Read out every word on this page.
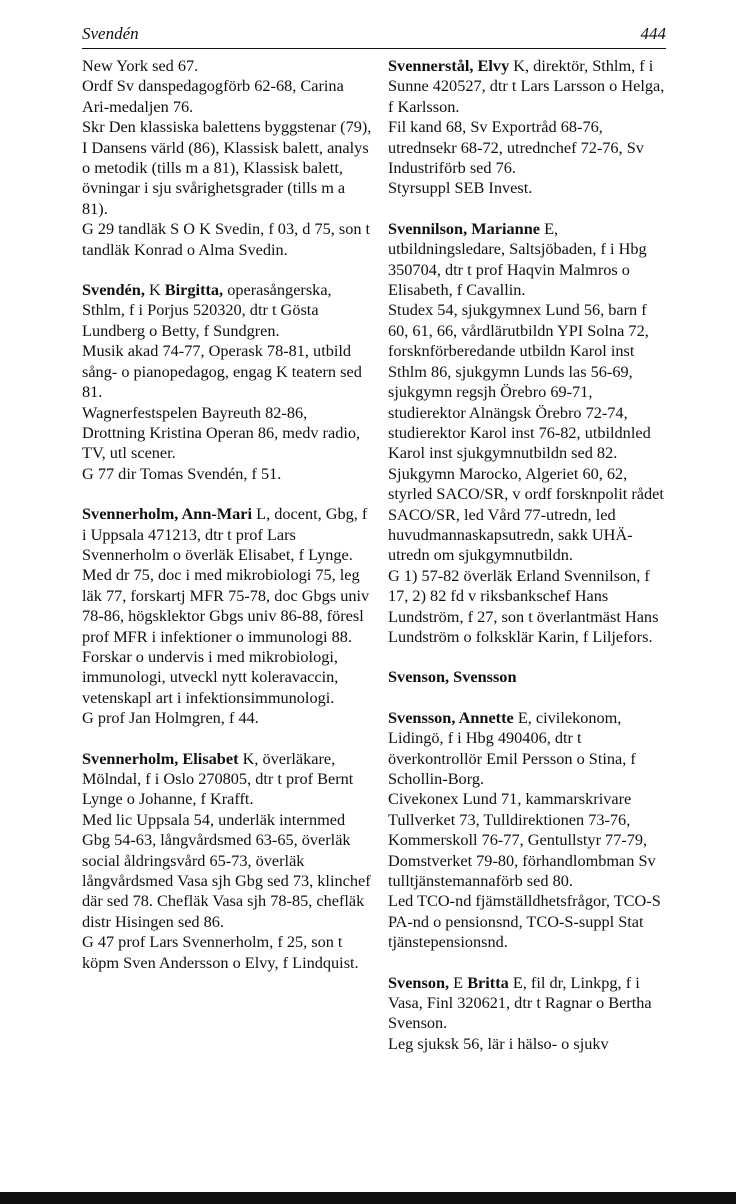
Svendén	444

New York sed 67.

Ordf Sv danspedagogförb 62-68, Carina Ari-medaljen 76.

Skr Den klassiska balettens byggstenar (79), I Dansens värld (86), Klassisk balett, analys o metodik (tills m a 81), Klassisk balett, övningar i sju svårighetsgrader (tills m a 81).

G 29 tandläk S O K Svedin, f 03, d 75, son t tandläk Konrad o Alma Svedin.

Svendén, K Birgitta, operasångerska, Sthlm, f i Porjus 520320, dtr t Gösta Lundberg o Betty, f Sundgren.

Musik akad 74-77, Operask 78-81, utbild sång- o pianopedagog, engag K teatern sed 81.

Wagnerfestspelen Bayreuth 82-86, Drottning Kristina Operan 86, medv radio, TV, utl scener.

G 77 dir Tomas Svendén, f 51.

Svennerholm, Ann-Mari L, docent, Gbg, f i Uppsala 471213, dtr t prof Lars Svennerholm o överläk Elisabet, f Lynge.

Med dr 75, doc i med mikrobiologi 75, leg läk 77, forskartj MFR 75-78, doc Gbgs univ 78-86, högsklektor Gbgs univ 86-88, föresl prof MFR i infektioner o immunologi 88.

Forskar o undervis i med mikrobiologi, immunologi, utveckl nytt koleravaccin, vetenskapl art i infektionsimmunologi.

G prof Jan Holmgren, f 44.

Svennerholm, Elisabet K, överläkare, Mölndal, f i Oslo 270805, dtr t prof Bernt Lynge o Johanne, f Krafft.

Med lic Uppsala 54, underläk internmed Gbg 54-63, långvårdsmed 63-65, överläk social åldringsvård 65-73, överläk långvårdsmed Vasa sjh Gbg sed 73, klinchef där sed 78. Chefläk Vasa sjh 78-85, chefläk distr Hisingen sed 86.

G 47 prof Lars Svennerholm, f 25, son t köpm Sven Andersson o Elvy, f Lindquist.

Svennerstål, Elvy K, direktör, Sthlm, f i Sunne 420527, dtr t Lars Larsson o Helga, f Karlsson.

Fil kand 68, Sv Exportråd 68-76, utrednsekr 68-72, utrednchef 72-76, Sv Industriförb sed 76.

Styrsuppl SEB Invest.

Svennilson, Marianne E, utbildningsledare, Saltsjöbaden, f i Hbg 350704, dtr t prof Haqvin Malmros o Elisabeth, f Cavallin.

Studex 54, sjukgymnex Lund 56, barn f 60, 61, 66, vårdlärutbildn YPI Solna 72, forsknförberedande utbildn Karol inst Sthlm 86, sjukgymn Lunds las 56-69, sjukgymn regsjh Örebro 69-71, studierektor Alnängsk Örebro 72-74, studierektor Karol inst 76-82, utbildnled Karol inst sjukgymnutbildn sed 82.

Sjukgymn Marocko, Algeriet 60, 62, styrled SACO/SR, v ordf forsknpolit rådet SACO/SR, led Vård 77-utredn, led huvudmannaskapsutredn, sakk UHÄ-utredn om sjukgymnutbildn.

G 1) 57-82 överläk Erland Svennilson, f 17, 2) 82 fd v riksbankschef Hans Lundström, f 27, son t överlantmäst Hans Lundström o folksklär Karin, f Liljefors.

Svenson, Svensson

Svensson, Annette E, civilekonom, Lidingö, f i Hbg 490406, dtr t överkontrollör Emil Persson o Stina, f Schollin-Borg.

Civekonex Lund 71, kammarskrivare Tullverket 73, Tulldirektionen 73-76, Kommerskoll 76-77, Gentullstyr 77-79, Domstverket 79-80, förhandlombman Sv tulltjänstemannaförb sed 80.

Led TCO-nd fjämställdhetsfrågor, TCO-S PA-nd o pensionsnd, TCO-S-suppl Stat tjänstepensionsnd.

Svenson, E Britta E, fil dr, Linkpg, f i Vasa, Finl 320621, dtr t Ragnar o Bertha Svenson.

Leg sjuksk 56, lär i hälso- o sjukv
